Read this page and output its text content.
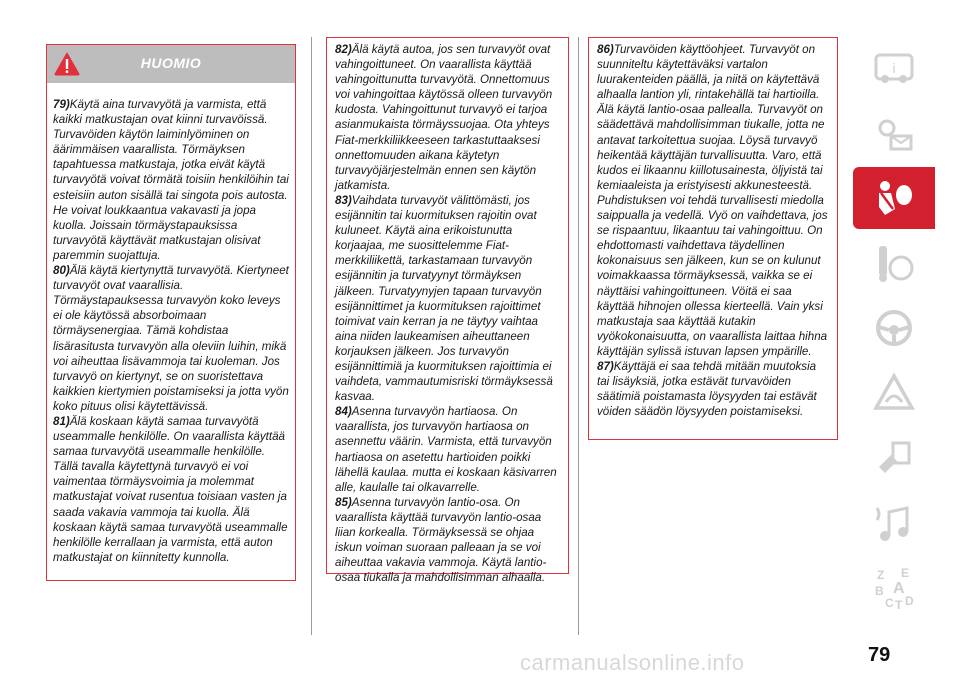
HUOMIO

79)Käytä aina turvavyötä ja varmista, että kaikki matkustajan ovat kiinni turvavöissä. Turvavöiden käytön laiminlyöminen on äärimmäisen vaarallista. Törmäyksen tapahtuessa matkustaja, jotka eivät käytä turvavyötä voivat törmätä toisiin henkilöihin tai esteisiin auton sisällä tai singota pois autosta. He voivat loukkaantua vakavasti ja jopa kuolla. Joissain törmäystapauksissa turvavyötä käyttävät matkustajan olisivat paremmin suojattuja.

80)Älä käytä kiertynyttä turvavyötä. Kiertyneet turvavyöt ovat vaarallisia. Törmäystapauksessa turvavyön koko leveys ei ole käytössä absorboimaan törmäysenergiaa. Tämä kohdistaa lisärasitusta turvavyön alla oleviin luihin, mikä voi aiheuttaa lisävammoja tai kuoleman. Jos turvavyö on kiertynyt, se on suoristettava kaikkien kiertymien poistamiseksi ja jotta vyön koko pituus olisi käytettävissä.

81)Älä koskaan käytä samaa turvavyötä useammalle henkilölle. On vaarallista käyttää samaa turvavyötä useammalle henkilölle. Tällä tavalla käytettynä turvavyö ei voi vaimentaa törmäysvoimia ja molemmat matkustajat voivat rusentua toisiaan vasten ja saada vakavia vammoja tai kuolla. Älä koskaan käytä samaa turvavyötä useammalle henkilölle kerrallaan ja varmista, että auton matkustajat on kiinnitetty kunnolla.

82)Älä käytä autoa, jos sen turvavyöt ovat vahingoittuneet. On vaarallista käyttää vahingoittunutta turvavyötä. Onnettomuus voi vahingoittaa käytössä olleen turvavyön kudosta. Vahingoittunut turvavyö ei tarjoa asianmukaista törmäyssuojaa. Ota yhteys Fiat-merkkiliikkeeseen tarkastuttaaksesi onnettomuuden aikana käytetyn turvavyöjärjestelmän ennen sen käytön jatkamista.

83)Vaihdata turvavyöt välittömästi, jos esijännitin tai kuormituksen rajoitin ovat kuluneet. Käytä aina erikoistunutta korjaajaa, me suosittelemme Fiat-merkkiliikettä, tarkastamaan turvavyön esijännitin ja turvatyynyt törmäyksen jälkeen. Turvatyynyjen tapaan turvavyön esijännittimet ja kuormituksen rajoittimet toimivat vain kerran ja ne täytyy vaihtaa aina niiden laukeamisen aiheuttaneen korjauksen jälkeen. Jos turvavyön esijännittimiä ja kuormituksen rajoittimia ei vaihdeta, vammautumisriski törmäyksessä kasvaa.

84)Asenna turvavyön hartiaosa. On vaarallista, jos turvavyön hartiaosa on asennettu väärin. Varmista, että turvavyön hartiaosa on asetettu hartioiden poikki lähellä kaulaa. mutta ei koskaan käsivarren alle, kaulalle tai olkavarrelle.

85)Asenna turvavyön lantio-osa. On vaarallista käyttää turvavyön lantio-osaa liian korkealla. Törmäyksessä se ohjaa iskun voiman suoraan palleaan ja se voi aiheuttaa vakavia vammoja. Käytä lantio-osaa tiukalla ja mahdollisimman alhaalla.

86)Turvavöiden käyttöohjeet. Turvavyöt on suunniteltu käytettäväksi vartalon luurakenteiden päällä, ja niitä on käytettävä alhaalla lantion yli, rintakehällä tai hartioilla. Älä käytä lantio-osaa pallealla. Turvavyöt on säädettävä mahdollisimman tiukalle, jotta ne antavat tarkoitettua suojaa. Löysä turvavyö heikentää käyttäjän turvallisuutta. Varo, että kudos ei likaannu kiillotusainesta, öljyistä tai kemiaaleista ja eristyisesti akkunesteestä. Puhdistuksen voi tehdä turvallisesti miedolla saippualla ja vedellä. Vyö on vaihdettava, jos se rispaantuu, likaantuu tai vahingoittuu. On ehdottomasti vaihdettava täydellinen kokonaisuus sen jälkeen, kun se on kulunut voimakkaassa törmäyksessä, vaikka se ei näyttäisi vahingoittuneen. Vöitä ei saa käyttää hihnojen ollessa kierteellä. Vain yksi matkustaja saa käyttää kutakin vyökokonaisuutta, on vaarallista laittaa hihna käyttäjän sylissä istuvan lapsen ympärille.

87)Käyttäjä ei saa tehdä mitään muutoksia tai lisäyksiä, jotka estävät turvavöiden säätimiä poistamasta löysyyden tai estävät vöiden säädön löysyyden poistamiseksi.

i
Z E
B A
C T D
79
carmanualsonline.info
